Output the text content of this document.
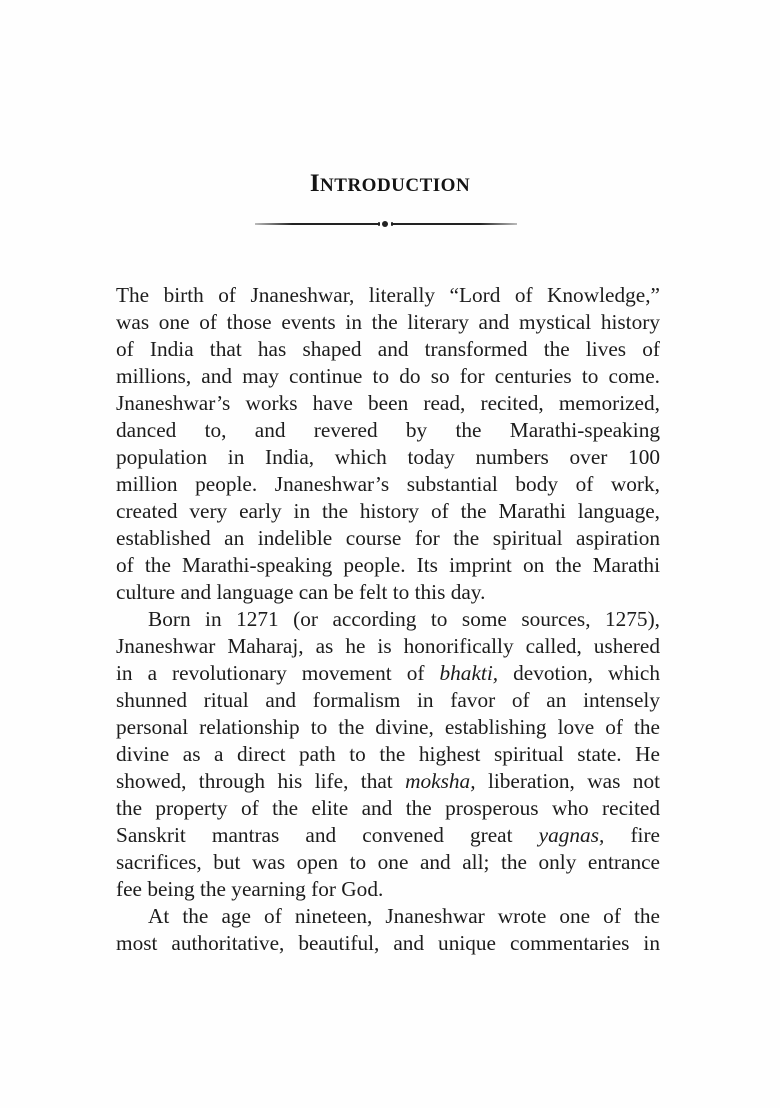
INTRODUCTION
The birth of Jnaneshwar, literally “Lord of Knowledge,”
was one of those events in the literary and mystical history
of India that has shaped and transformed the lives of
millions, and may continue to do so for centuries to come.
Jnaneshwar’s works have been read, recited, memorized,
danced to, and revered by the Marathi-speaking
population in India, which today numbers over 100
million people. Jnaneshwar’s substantial body of work,
created very early in the history of the Marathi language,
established an indelible course for the spiritual aspiration
of the Marathi-speaking people. Its imprint on the Marathi
culture and language can be felt to this day.
Born in 1271 (or according to some sources, 1275),
Jnaneshwar Maharaj, as he is honorifically called, ushered
in a revolutionary movement of bhakti, devotion, which
shunned ritual and formalism in favor of an intensely
personal relationship to the divine, establishing love of the
divine as a direct path to the highest spiritual state. He
showed, through his life, that moksha, liberation, was not
the property of the elite and the prosperous who recited
Sanskrit mantras and convened great yagnas, fire
sacrifices, but was open to one and all; the only entrance
fee being the yearning for God.
At the age of nineteen, Jnaneshwar wrote one of the
most authoritative, beautiful, and unique commentaries in
